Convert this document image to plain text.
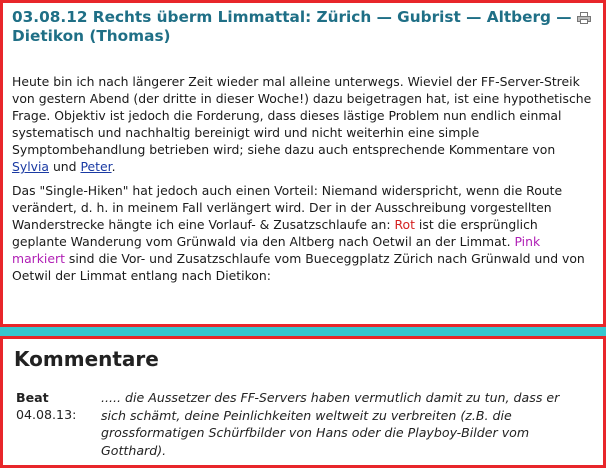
03.08.12 Rechts überm Limmattal: Zürich — Gubrist — Altberg — Dietikon (Thomas)

Heute bin ich nach längerer Zeit wieder mal alleine unterwegs. Wieviel der FF-Server-Streik von gestern Abend (der dritte in dieser Woche!) dazu beigetragen hat, ist eine hypothetische Frage. Objektiv ist jedoch die Forderung, dass dieses lästige Problem nun endlich einmal systematisch und nachhaltig bereinigt wird und nicht weiterhin eine simple Symptombehandlung betrieben wird; siehe dazu auch entsprechende Kommentare von Sylvia und Peter.

Das "Single-Hiken" hat jedoch auch einen Vorteil: Niemand widerspricht, wenn die Route verändert, d. h. in meinem Fall verlängert wird. Der in der Ausschreibung vorgestellten Wanderstrecke hängte ich eine Vorlauf- & Zusatzschlaufe an: Rot ist die ersprünglich geplante Wanderung vom Grünwald via den Altberg nach Oetwil an der Limmat. Pink markiert sind die Vor- und Zusatzschlaufe vom Bueceggplatz Zürich nach Grünwald und von Oetwil der Limmat entlang nach Dietikon:

Kommentare
Beat
04.08.13:
..... die Aussetzer des FF-Servers haben vermutlich damit zu tun, dass er sich schämt, deine Peinlichkeiten weltweit zu verbreiten (z.B. die grossformatigen Schürfbilder von Hans oder die Playboy-Bilder vom Gotthard).
